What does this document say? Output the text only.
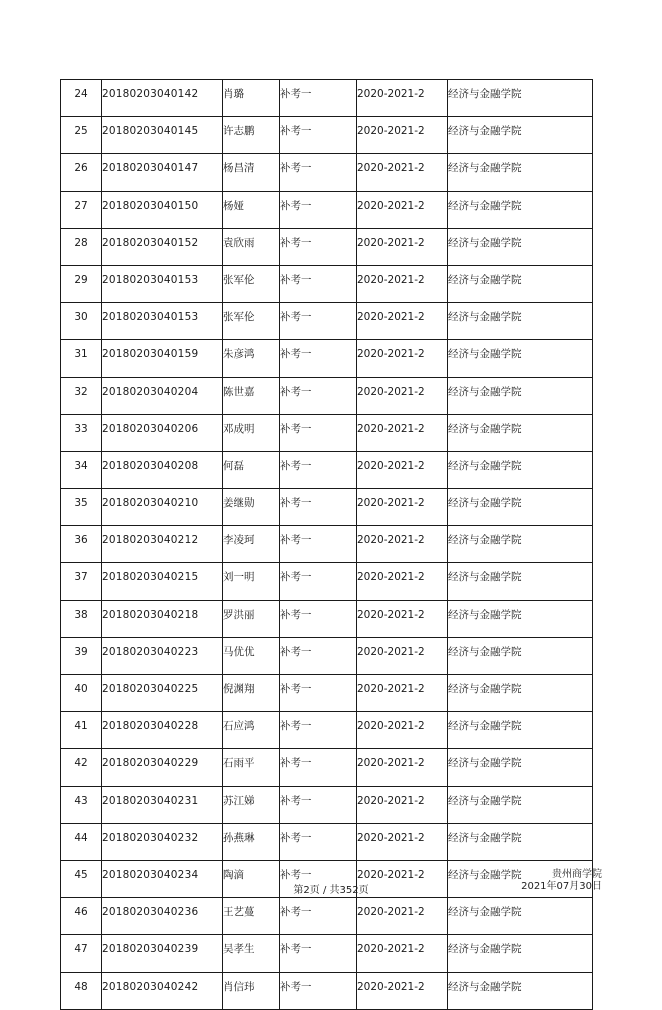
24	20180203040142	肖璐	补考一	2020-2021-2	经济与金融学院
25	20180203040145	许志鹏	补考一	2020-2021-2	经济与金融学院
26	20180203040147	杨昌清	补考一	2020-2021-2	经济与金融学院
27	20180203040150	杨娅	补考一	2020-2021-2	经济与金融学院
28	20180203040152	袁欣雨	补考一	2020-2021-2	经济与金融学院
29	20180203040153	张军伦	补考一	2020-2021-2	经济与金融学院
30	20180203040153	张军伦	补考一	2020-2021-2	经济与金融学院
31	20180203040159	朱彦鸿	补考一	2020-2021-2	经济与金融学院
32	20180203040204	陈世嘉	补考一	2020-2021-2	经济与金融学院
33	20180203040206	邓成明	补考一	2020-2021-2	经济与金融学院
34	20180203040208	何磊	补考一	2020-2021-2	经济与金融学院
35	20180203040210	姜继勋	补考一	2020-2021-2	经济与金融学院
36	20180203040212	李凌珂	补考一	2020-2021-2	经济与金融学院
37	20180203040215	刘一明	补考一	2020-2021-2	经济与金融学院
38	20180203040218	罗洪丽	补考一	2020-2021-2	经济与金融学院
39	20180203040223	马优优	补考一	2020-2021-2	经济与金融学院
40	20180203040225	倪渊翔	补考一	2020-2021-2	经济与金融学院
41	20180203040228	石应鸿	补考一	2020-2021-2	经济与金融学院
42	20180203040229	石雨平	补考一	2020-2021-2	经济与金融学院
43	20180203040231	苏江娣	补考一	2020-2021-2	经济与金融学院
44	20180203040232	孙燕琳	补考一	2020-2021-2	经济与金融学院
45	20180203040234	陶滴	补考一	2020-2021-2	经济与金融学院
46	20180203040236	王艺蔓	补考一	2020-2021-2	经济与金融学院
47	20180203040239	吴孝生	补考一	2020-2021-2	经济与金融学院
48	20180203040242	肖信玮	补考一	2020-2021-2	经济与金融学院
第2页 / 共352页
贵州商学院
2021年07月30日
